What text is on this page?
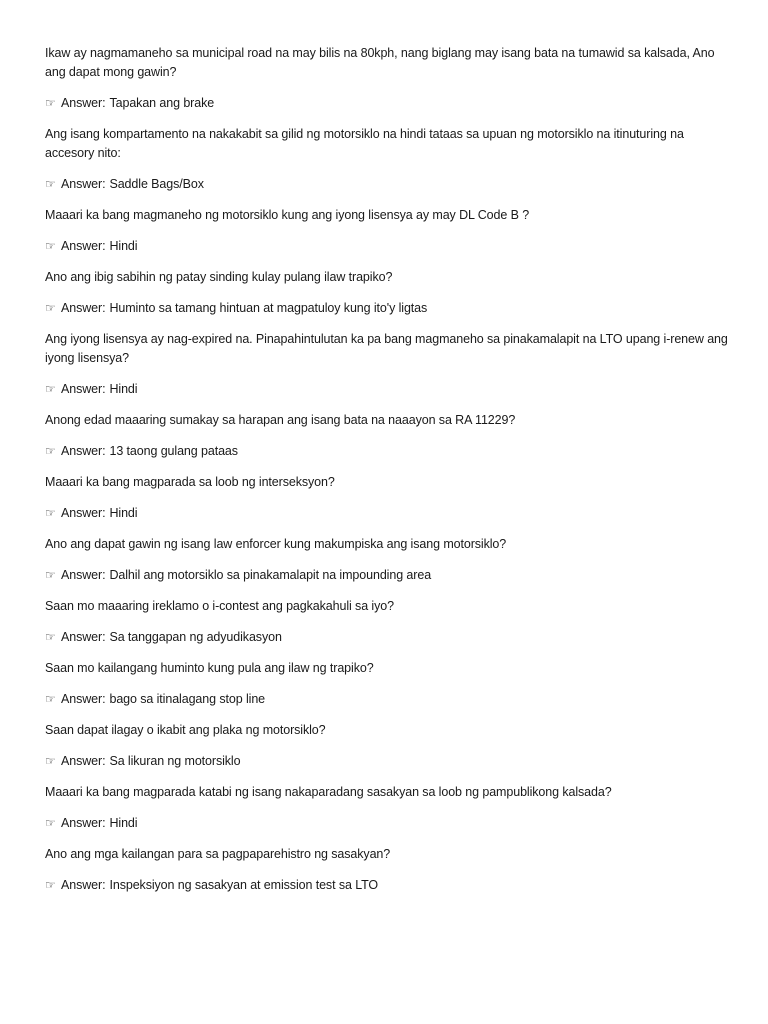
Ikaw ay nagmamaneho sa municipal road na may bilis na 80kph, nang biglang may isang bata na tumawid sa kalsada, Ano ang dapat mong gawin?

☞ Answer: Tapakan ang brake

Ang isang kompartamento na nakakabit sa gilid ng motorsiklo na hindi tataas sa upuan ng motorsiklo na itinuturing na accesory nito:

☞ Answer: Saddle Bags/Box

Maaari ka bang magmaneho ng motorsiklo kung ang iyong lisensya ay may DL Code B ?

☞ Answer: Hindi

Ano ang ibig sabihin ng patay sinding kulay pulang ilaw trapiko?

☞ Answer: Huminto sa tamang hintuan at magpatuloy kung ito'y ligtas

Ang iyong lisensya ay nag-expired na. Pinapahintulutan ka pa bang magmaneho sa pinakamalapit na LTO upang i-renew ang iyong lisensya?

☞ Answer: Hindi

Anong edad maaaring sumakay sa harapan ang isang bata na naaayon sa RA 11229?

☞ Answer: 13 taong gulang pataas

Maaari ka bang magparada sa loob ng interseksyon?

☞ Answer: Hindi

Ano ang dapat gawin ng isang law enforcer kung makumpiska ang isang motorsiklo?

☞ Answer: Dalhil ang motorsiklo sa pinakamalapit na impounding area

Saan mo maaaring ireklamo o i-contest ang pagkakahuli sa iyo?

☞ Answer: Sa tanggapan ng adyudikasyon

Saan mo kailangang huminto kung pula ang ilaw ng trapiko?

☞ Answer: bago sa itinalagang stop line

Saan dapat ilagay o ikabit ang plaka ng motorsiklo?

☞ Answer: Sa likuran ng motorsiklo

Maaari ka bang magparada katabi ng isang nakaparadang sasakyan sa loob ng pampublikong kalsada?

☞ Answer: Hindi

Ano ang mga kailangan para sa pagpaparehistro ng sasakyan?

☞ Answer: Inspeksiyon ng sasakyan at emission test sa LTO
